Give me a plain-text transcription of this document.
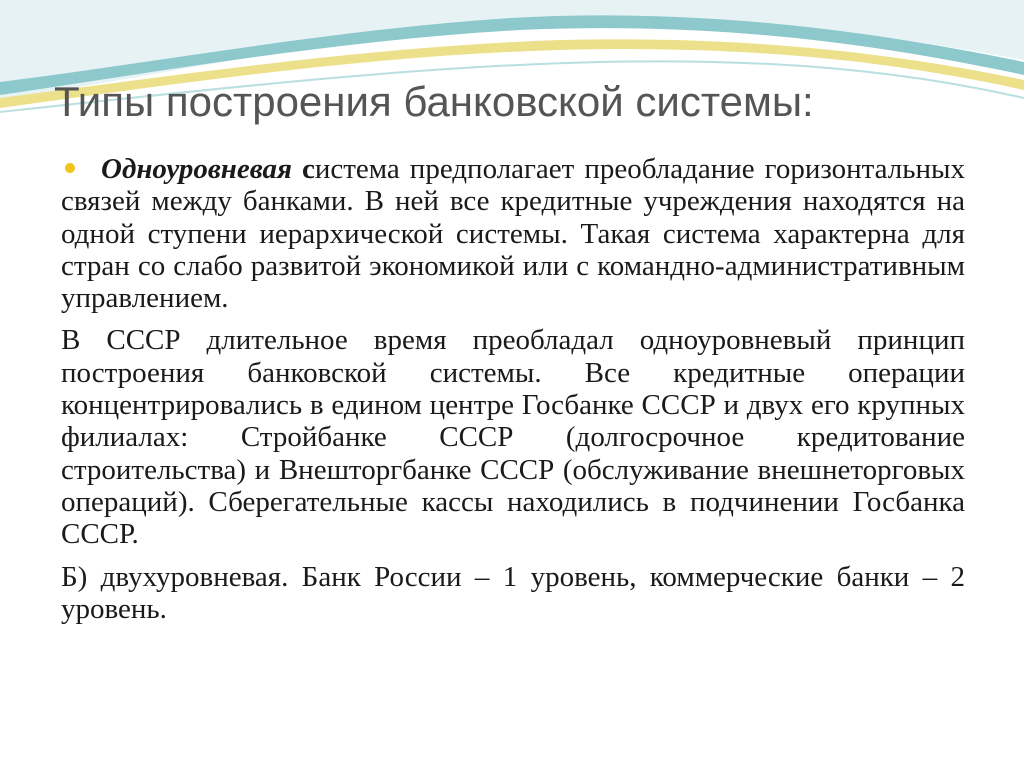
Типы построения банковской системы:

Одноуровневая система предполагает преобладание горизонтальных связей между банками. В ней все кредитные учреждения находятся на одной ступени иерархической системы. Такая система характерна для стран со слабо развитой экономикой или с командно-административным управлением.

В СССР длительное время преобладал одноуровневый принцип построения банковской системы. Все кредитные операции концентрировались в едином центре Госбанке СССР и двух его крупных филиалах: Стройбанке СССР (долгосрочное кредитование строительства) и Внешторгбанке СССР (обслуживание внешнеторговых операций). Сберегательные кассы находились в подчинении Госбанка СССР.

Б) двухуровневая. Банк России – 1 уровень, коммерческие банки – 2 уровень.
